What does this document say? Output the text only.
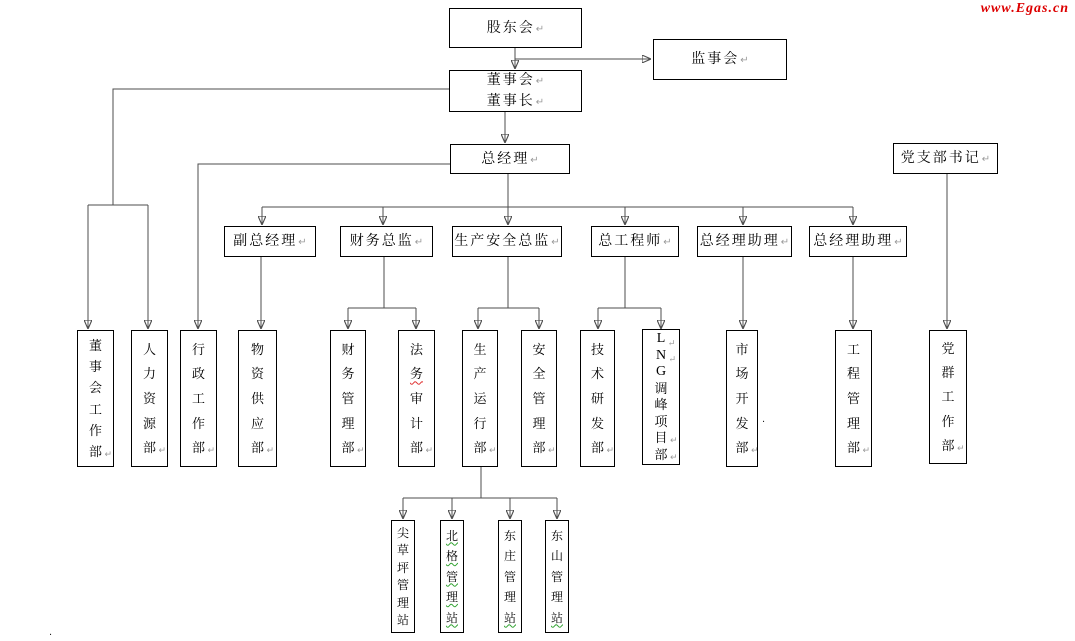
www.Egas.cn
股东会↵
监事会↵
董事会↵
董事长↵
总经理↵	党支部书记↵
副总经理↵	财务总监↵ 生产安全总监↵	总工程师↵ 总经理助理↵ 总经理助理↵
董
事
会
工
作
部 ↵
人
力
资
源
部 ↵
行
政
工
作
部 ↵
物
资
供
应
部 ↵
财
务
管
理
部 ↵
法
务
审
计
部 ↵
生
产
运
行
部 ↵
安
全
管
理
部 ↵
技
术
研
发
部 ↵
L ↵
N ↵
G
调
峰
项
目 ↵
部 ↵
市
场
开
发
部 ↵
工
程
管
理
部 ↵
党
群
工
作
部 ↵
尖
草
坪
管
理
站
北
格
管
理
站
东
庄
管
理
站
东
山
管
理
站
.
.
